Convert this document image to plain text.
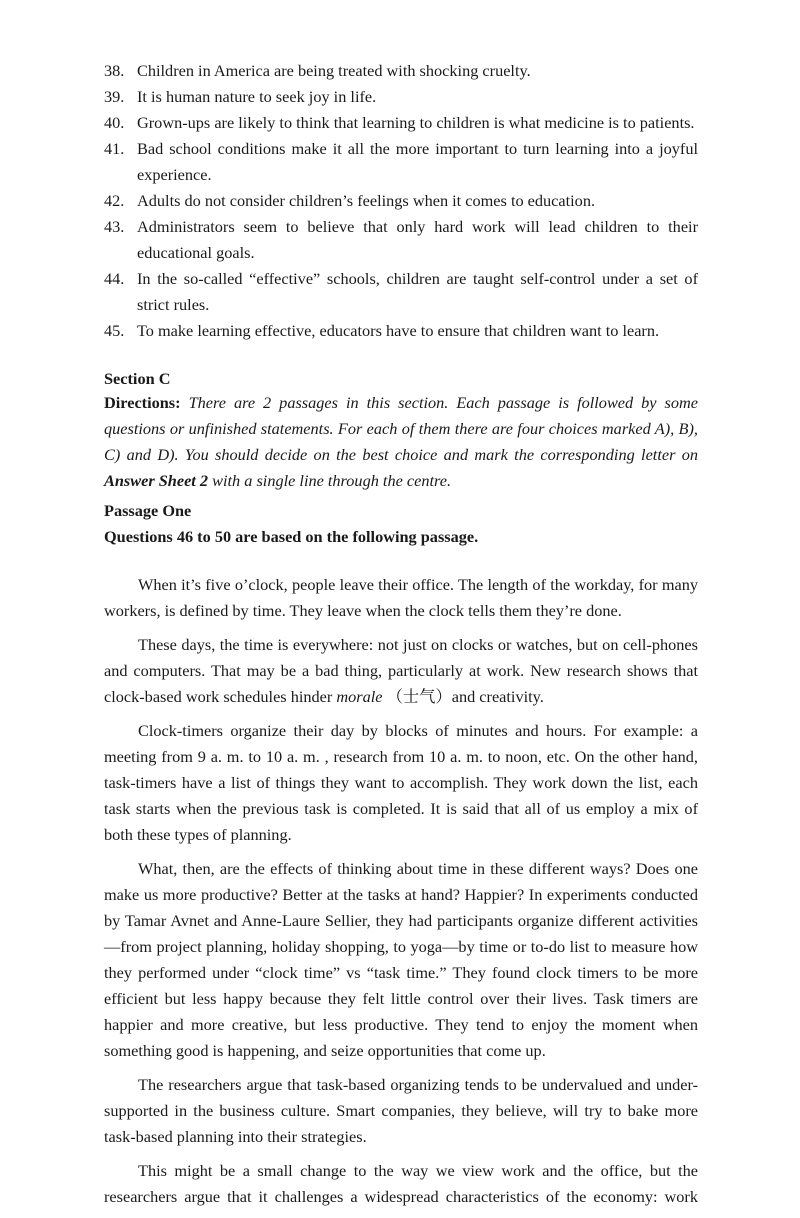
38. Children in America are being treated with shocking cruelty.
39. It is human nature to seek joy in life.
40. Grown-ups are likely to think that learning to children is what medicine is to patients.
41. Bad school conditions make it all the more important to turn learning into a joyful experience.
42. Adults do not consider children’s feelings when it comes to education.
43. Administrators seem to believe that only hard work will lead children to their educational goals.
44. In the so-called “effective” schools, children are taught self-control under a set of strict rules.
45. To make learning effective, educators have to ensure that children want to learn.
Section C
Directions: There are 2 passages in this section. Each passage is followed by some questions or unfinished statements. For each of them there are four choices marked A), B), C) and D). You should decide on the best choice and mark the corresponding letter on Answer Sheet 2 with a single line through the centre.
Passage One
Questions 46 to 50 are based on the following passage.

When it’s five o’clock, people leave their office. The length of the workday, for many workers, is defined by time. They leave when the clock tells them they’re done.

These days, the time is everywhere: not just on clocks or watches, but on cell-phones and computers. That may be a bad thing, particularly at work. New research shows that clock-based work schedules hinder morale （士气）and creativity.

Clock-timers organize their day by blocks of minutes and hours. For example: a meeting from 9 a. m. to 10 a. m. , research from 10 a. m. to noon, etc. On the other hand, task-timers have a list of things they want to accomplish. They work down the list, each task starts when the previous task is completed. It is said that all of us employ a mix of both these types of planning.

What, then, are the effects of thinking about time in these different ways? Does one make us more productive? Better at the tasks at hand? Happier? In experiments conducted by Tamar Avnet and Anne-Laure Sellier, they had participants organize different activities—from project planning, holiday shopping, to yoga—by time or to-do list to measure how they performed under “clock time” vs “task time.” They found clock timers to be more efficient but less happy because they felt little control over their lives. Task timers are happier and more creative, but less productive. They tend to enjoy the moment when something good is happening, and seize opportunities that come up.

The researchers argue that task-based organizing tends to be undervalued and under-supported in the business culture. Smart companies, they believe, will try to bake more task-based planning into their strategies.

This might be a small change to the way we view work and the office, but the researchers argue that it challenges a widespread characteristics of the economy: work
